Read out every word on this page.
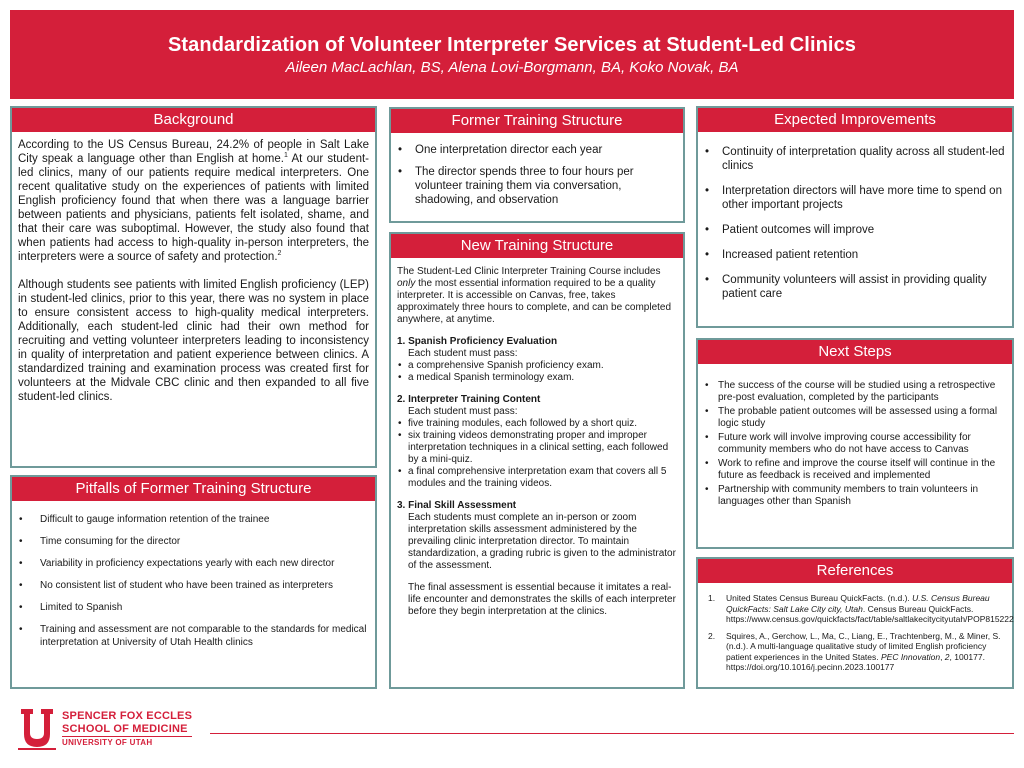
Standardization of Volunteer Interpreter Services at Student-Led Clinics
Aileen MacLachlan, BS, Alena Lovi-Borgmann, BA, Koko Novak, BA
Background

According to the US Census Bureau, 24.2% of people in Salt Lake City speak a language other than English at home.$^1$ At our student-led clinics, many of our patients require medical interpreters. One recent qualitative study on the experiences of patients with limited English proficiency found that when there was a language barrier between patients and physicians, patients felt isolated, shame, and that their care was suboptimal. However, the study also found that when patients had access to high-quality in-person interpreters, the interpreters were a source of safety and protection.$^2$

Although students see patients with limited English proficiency (LEP) in student-led clinics, prior to this year, there was no system in place to ensure consistent access to high-quality medical interpreters. Additionally, each student-led clinic had their own method for recruiting and vetting volunteer interpreters leading to inconsistency in quality of interpretation and patient experience between clinics. A standardized training and examination process was created first for volunteers at the Midvale CBC clinic and then expanded to all five student-led clinics.

Pitfalls of Former Training Structure
• Difficult to gauge information retention of the trainee
• Time consuming for the director
• Variability in proficiency expectations yearly with each new director
• No consistent list of student who have been trained as interpreters
• Limited to Spanish
• Training and assessment are not comparable to the standards for medical interpretation at University of Utah Health clinics
Former Training Structure
• One interpretation director each year
• The director spends three to four hours per volunteer training them via conversation, shadowing, and observation
New Training Structure
The Student-Led Clinic Interpreter Training Course includes only the most essential information required to be a quality interpreter. It is accessible on Canvas, free, takes approximately three hours to complete, and can be completed anywhere, at anytime.
1. Spanish Proficiency Evaluation
Each student must pass:
• a comprehensive Spanish proficiency exam.
• a medical Spanish terminology exam.
2. Interpreter Training Content
Each student must pass:
• five training modules, each followed by a short quiz.
• six training videos demonstrating proper and improper interpretation techniques in a clinical setting, each followed by a mini-quiz.
• a final comprehensive interpretation exam that covers all 5 modules and the training videos.
3. Final Skill Assessment
Each students must complete an in-person or zoom interpretation skills assessment administered by the prevailing clinic interpretation director. To maintain standardization, a grading rubric is given to the administrator of the assessment.
The final assessment is essential because it imitates a real-life encounter and demonstrates the skills of each interpreter before they begin interpretation at the clinics.
Expected Improvements
• Continuity of interpretation quality across all student-led clinics
• Interpretation directors will have more time to spend on other important projects
• Patient outcomes will improve
• Increased patient retention
• Community volunteers will assist in providing quality patient care
Next Steps
• The success of the course will be studied using a retrospective pre-post evaluation, completed by the participants
• The probable patient outcomes will be assessed using a formal logic study
• Future work will involve improving course accessibility for community members who do not have access to Canvas
• Work to refine and improve the course itself will continue in the future as feedback is received and implemented
• Partnership with community members to train volunteers in languages other than Spanish
References
1. United States Census Bureau QuickFacts. (n.d.). U.S. Census Bureau QuickFacts: Salt Lake City city, Utah. Census Bureau QuickFacts. https://www.census.gov/quickfacts/fact/table/saltlakecitycityutah/POP815222
2. Squires, A., Gerchow, L., Ma, C., Liang, E., Trachtenberg, M., & Miner, S. (n.d.). A multi-language qualitative study of limited English proficiency patient experiences in the United States. PEC Innovation, 2, 100177. https://doi.org/10.1016/j.pecinn.2023.100177
SPENCER FOX ECCLES
SCHOOL OF MEDICINE
UNIVERSITY OF UTAH
